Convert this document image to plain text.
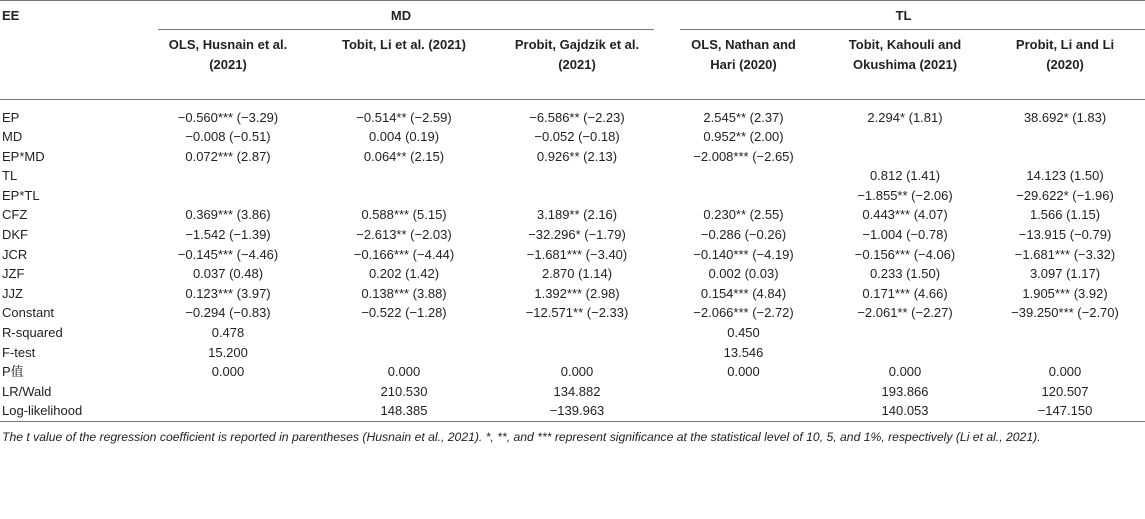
EE	MD			TL		

	OLS, Husnain et al. (2021)	Tobit, Li et al. (2021)	Probit, Gajdzik et al. (2021)	OLS, Nathan and Hari (2020)	Tobit, Kahouli and Okushima (2021)	Probit, Li and Li (2020)

EP	−0.560*** (−3.29)	−0.514** (−2.59)	−6.586** (−2.23)	2.545** (2.37)	2.294* (1.81)	38.692* (1.83)
MD	−0.008 (−0.51)	0.004 (0.19)	−0.052 (−0.18)	0.952** (2.00)		
EP*MD	0.072*** (2.87)	0.064** (2.15)	0.926** (2.13)	−2.008*** (−2.65)		
TL					0.812 (1.41)	14.123 (1.50)
EP*TL					−1.855** (−2.06)	−29.622* (−1.96)
CFZ	0.369*** (3.86)	0.588*** (5.15)	3.189** (2.16)	0.230** (2.55)	0.443*** (4.07)	1.566 (1.15)
DKF	−1.542 (−1.39)	−2.613** (−2.03)	−32.296* (−1.79)	−0.286 (−0.26)	−1.004 (−0.78)	−13.915 (−0.79)
JCR	−0.145*** (−4.46)	−0.166*** (−4.44)	−1.681*** (−3.40)	−0.140*** (−4.19)	−0.156*** (−4.06)	−1.681*** (−3.32)
JZF	0.037 (0.48)	0.202 (1.42)	2.870 (1.14)	0.002 (0.03)	0.233 (1.50)	3.097 (1.17)
JJZ	0.123*** (3.97)	0.138*** (3.88)	1.392*** (2.98)	0.154*** (4.84)	0.171*** (4.66)	1.905*** (3.92)
Constant	−0.294 (−0.83)	−0.522 (−1.28)	−12.571** (−2.33)	−2.066*** (−2.72)	−2.061** (−2.27)	−39.250*** (−2.70)
R-squared	0.478			0.450		
F-test	15.200			13.546		
P值	0.000	0.000	0.000	0.000	0.000	0.000
LR/Wald		210.530	134.882		193.866	120.507
Log-likelihood		148.385	−139.963		140.053	−147.150
The t value of the regression coefficient is reported in parentheses (Husnain et al., 2021). *, **, and *** represent significance at the statistical level of 10, 5, and 1%, respectively (Li et al., 2021).
